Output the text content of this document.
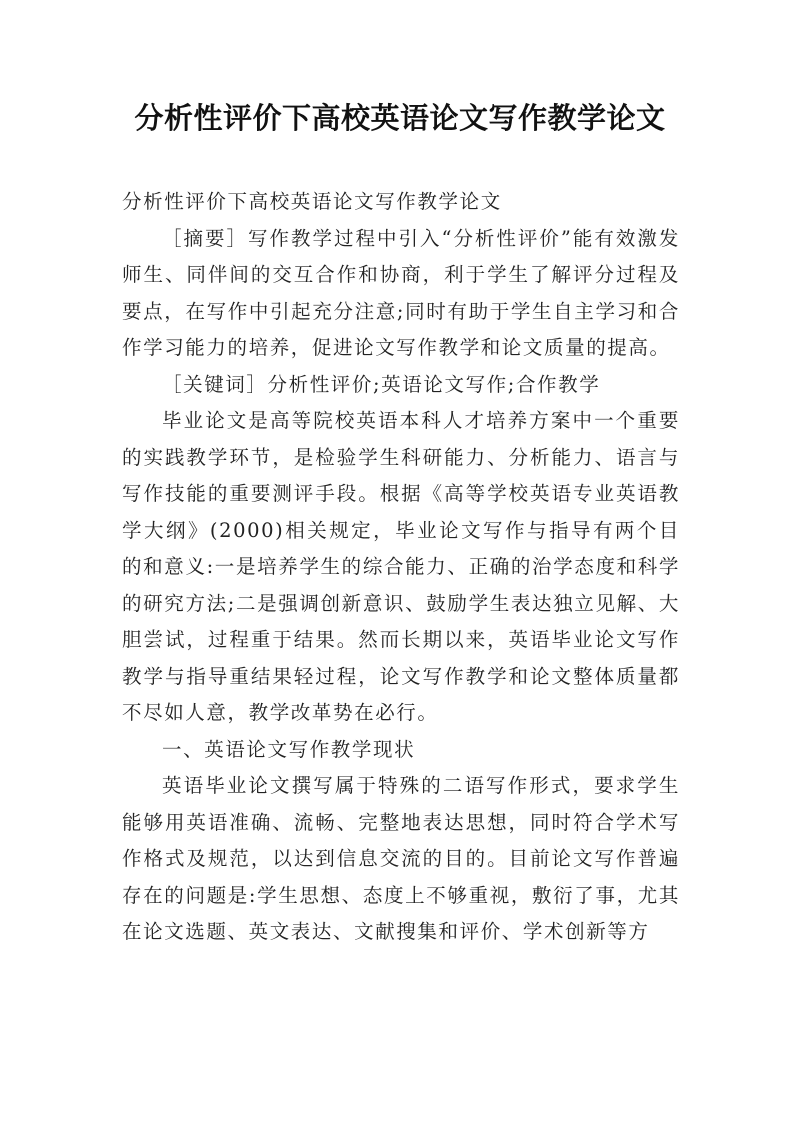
分析性评价下高校英语论文写作教学论文

分析性评价下高校英语论文写作教学论文

［摘要］写作教学过程中引入“分析性评价”能有效激发师生、同伴间的交互合作和协商，利于学生了解评分过程及要点，在写作中引起充分注意;同时有助于学生自主学习和合作学习能力的培养，促进论文写作教学和论文质量的提高。

［关键词］分析性评价;英语论文写作;合作教学

毕业论文是高等院校英语本科人才培养方案中一个重要的实践教学环节，是检验学生科研能力、分析能力、语言与写作技能的重要测评手段。根据《高等学校英语专业英语教学大纲》(2000)相关规定，毕业论文写作与指导有两个目的和意义:一是培养学生的综合能力、正确的治学态度和科学的研究方法;二是强调创新意识、鼓励学生表达独立见解、大胆尝试，过程重于结果。然而长期以来，英语毕业论文写作教学与指导重结果轻过程，论文写作教学和论文整体质量都不尽如人意，教学改革势在必行。

一、英语论文写作教学现状

英语毕业论文撰写属于特殊的二语写作形式，要求学生能够用英语准确、流畅、完整地表达思想，同时符合学术写作格式及规范，以达到信息交流的目的。目前论文写作普遍存在的问题是:学生思想、态度上不够重视，敷衍了事，尤其在论文选题、英文表达、文献搜集和评价、学术创新等方
